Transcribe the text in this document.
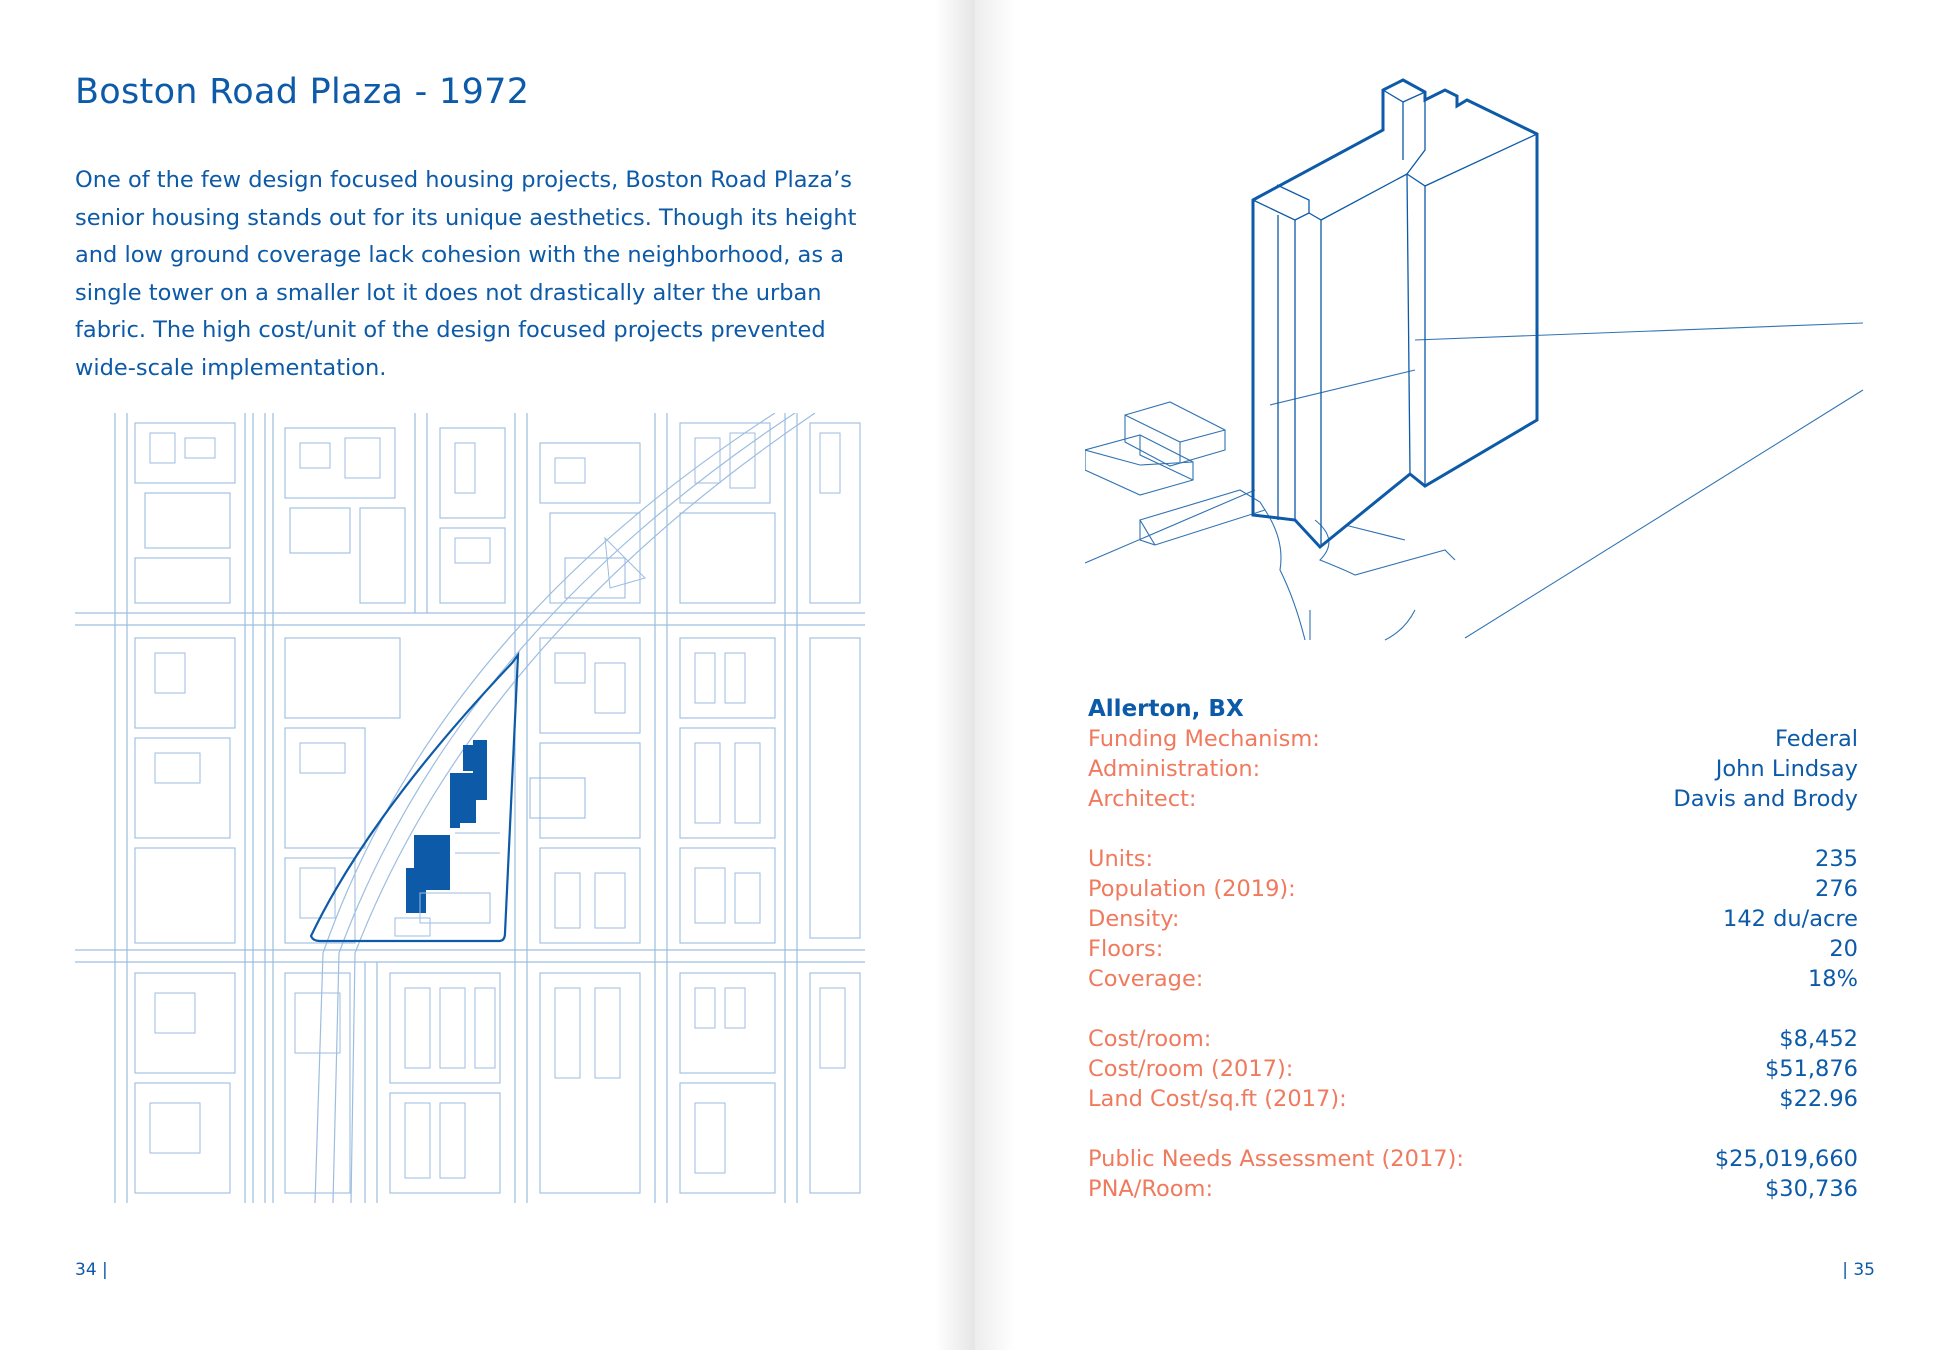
Boston Road Plaza - 1972

One of the few design focused housing projects, Boston Road Plaza’s senior housing stands out for its unique aesthetics. Though its height and low ground coverage lack cohesion with the neighborhood, as a single tower on a smaller lot it does not drastically alter the urban fabric. The high cost/unit of the design focused projects prevented wide-scale implementation.

34 |
Allerton, BX
Funding Mechanism:	Federal
Administration:	John Lindsay
Architect:	Davis and Brody
Units:	235
Population (2019):	276
Density:	142 du/acre
Floors:	20
Coverage:	18%
Cost/room:	$8,452
Cost/room (2017):	$51,876
Land Cost/sq.ft (2017):	$22.96
Public Needs Assessment (2017):	$25,019,660
PNA/Room:	$30,736
| 35
